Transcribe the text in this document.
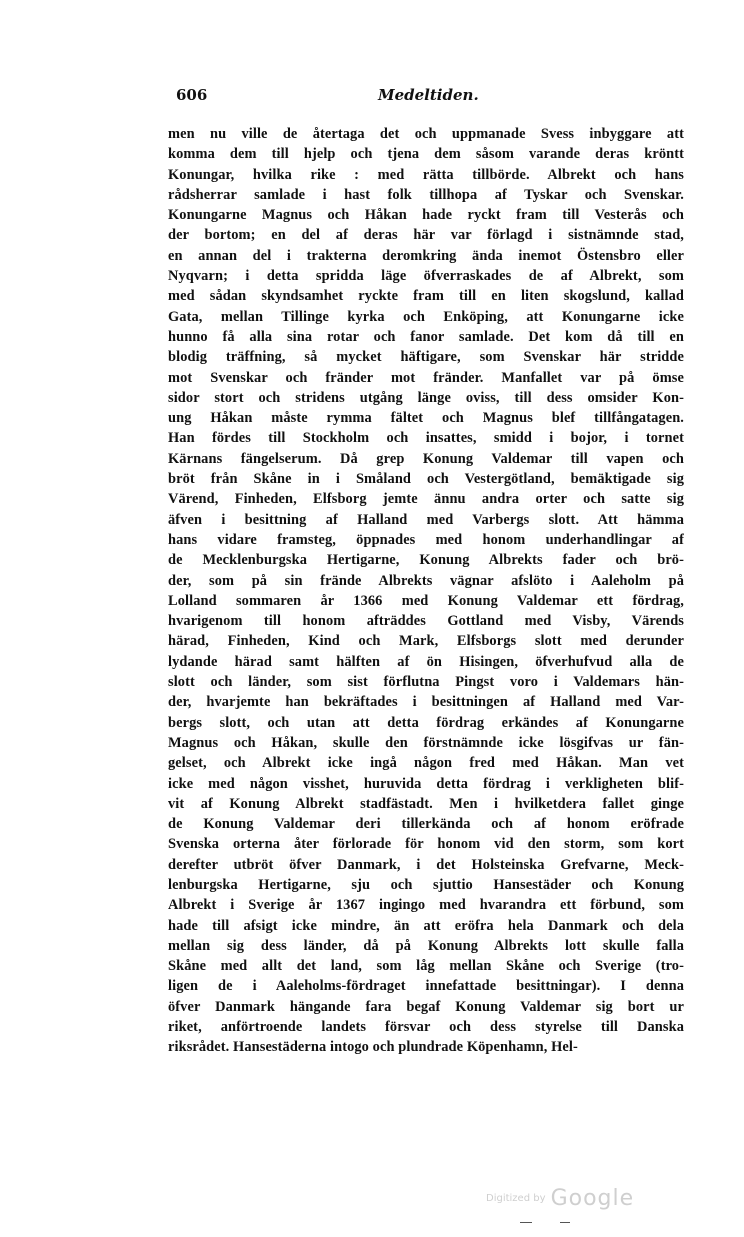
606	Medeltiden.
men nu ville de återtaga det och uppmanade Svess inbyggare att
komma dem till hjelp och tjena dem såsom varande deras kröntt
Konungar, hvilka rike : med rätta tillbörde. Albrekt och hans
rådsherrar samlade i hast folk tillhopa af Tyskar och Svenskar.
Konungarne Magnus och Håkan hade ryckt fram till Vesterås och
der bortom; en del af deras här var förlagd i sistnämnde stad,
en annan del i trakterna deromkring ända inemot Östensbro eller
Nyqvarn; i detta spridda läge öfverraskades de af Albrekt, som
med sådan skyndsamhet ryckte fram till en liten skogslund, kallad
Gata, mellan Tillinge kyrka och Enköping, att Konungarne icke
hunno få alla sina rotar och fanor samlade. Det kom då till en
blodig träffning, så mycket häftigare, som Svenskar här stridde
mot Svenskar och fränder mot fränder. Manfallet var på ömse
sidor stort och stridens utgång länge oviss, till dess omsider Kon-
ung Håkan måste rymma fältet och Magnus blef tillfångatagen.
Han fördes till Stockholm och insattes, smidd i bojor, i tornet
Kärnans fängelserum. Då grep Konung Valdemar till vapen och
bröt från Skåne in i Småland och Vestergötland, bemäktigade sig
Värend, Finheden, Elfsborg jemte ännu andra orter och satte sig
äfven i besittning af Halland med Varbergs slott. Att hämma
hans vidare framsteg, öppnades med honom underhandlingar af
de Mecklenburgska Hertigarne, Konung Albrekts fader och brö-
der, som på sin frände Albrekts vägnar afslöto i Aaleholm på
Lolland sommaren år 1366 med Konung Valdemar ett fördrag,
hvarigenom till honom afträddes Gottland med Visby, Värends
härad, Finheden, Kind och Mark, Elfsborgs slott med derunder
lydande härad samt hälften af ön Hisingen, öfverhufvud alla de
slott och länder, som sist förflutna Pingst voro i Valdemars hän-
der, hvarjemte han bekräftades i besittningen af Halland med Var-
bergs slott, och utan att detta fördrag erkändes af Konungarne
Magnus och Håkan, skulle den förstnämnde icke lösgifvas ur fän-
gelset, och Albrekt icke ingå någon fred med Håkan. Man vet
icke med någon visshet, huruvida detta fördrag i verkligheten blif-
vit af Konung Albrekt stadfästadt. Men i hvilketdera fallet ginge
de Konung Valdemar deri tillerkända och af honom eröfrade
Svenska orterna åter förlorade för honom vid den storm, som kort
derefter utbröt öfver Danmark, i det Holsteinska Grefvarne, Meck-
lenburgska Hertigarne, sju och sjuttio Hansestäder och Konung
Albrekt i Sverige år 1367 ingingo med hvarandra ett förbund, som
hade till afsigt icke mindre, än att eröfra hela Danmark och dela
mellan sig dess länder, då på Konung Albrekts lott skulle falla
Skåne med allt det land, som låg mellan Skåne och Sverige (tro-
ligen de i Aaleholms-fördraget innefattade besittningar). I denna
öfver Danmark hängande fara begaf Konung Valdemar sig bort ur
riket, anförtroende landets försvar och dess styrelse till Danska
riksrådet. Hansestäderna intogo och plundrade Köpenhamn, Hel-
Digitized by Google
